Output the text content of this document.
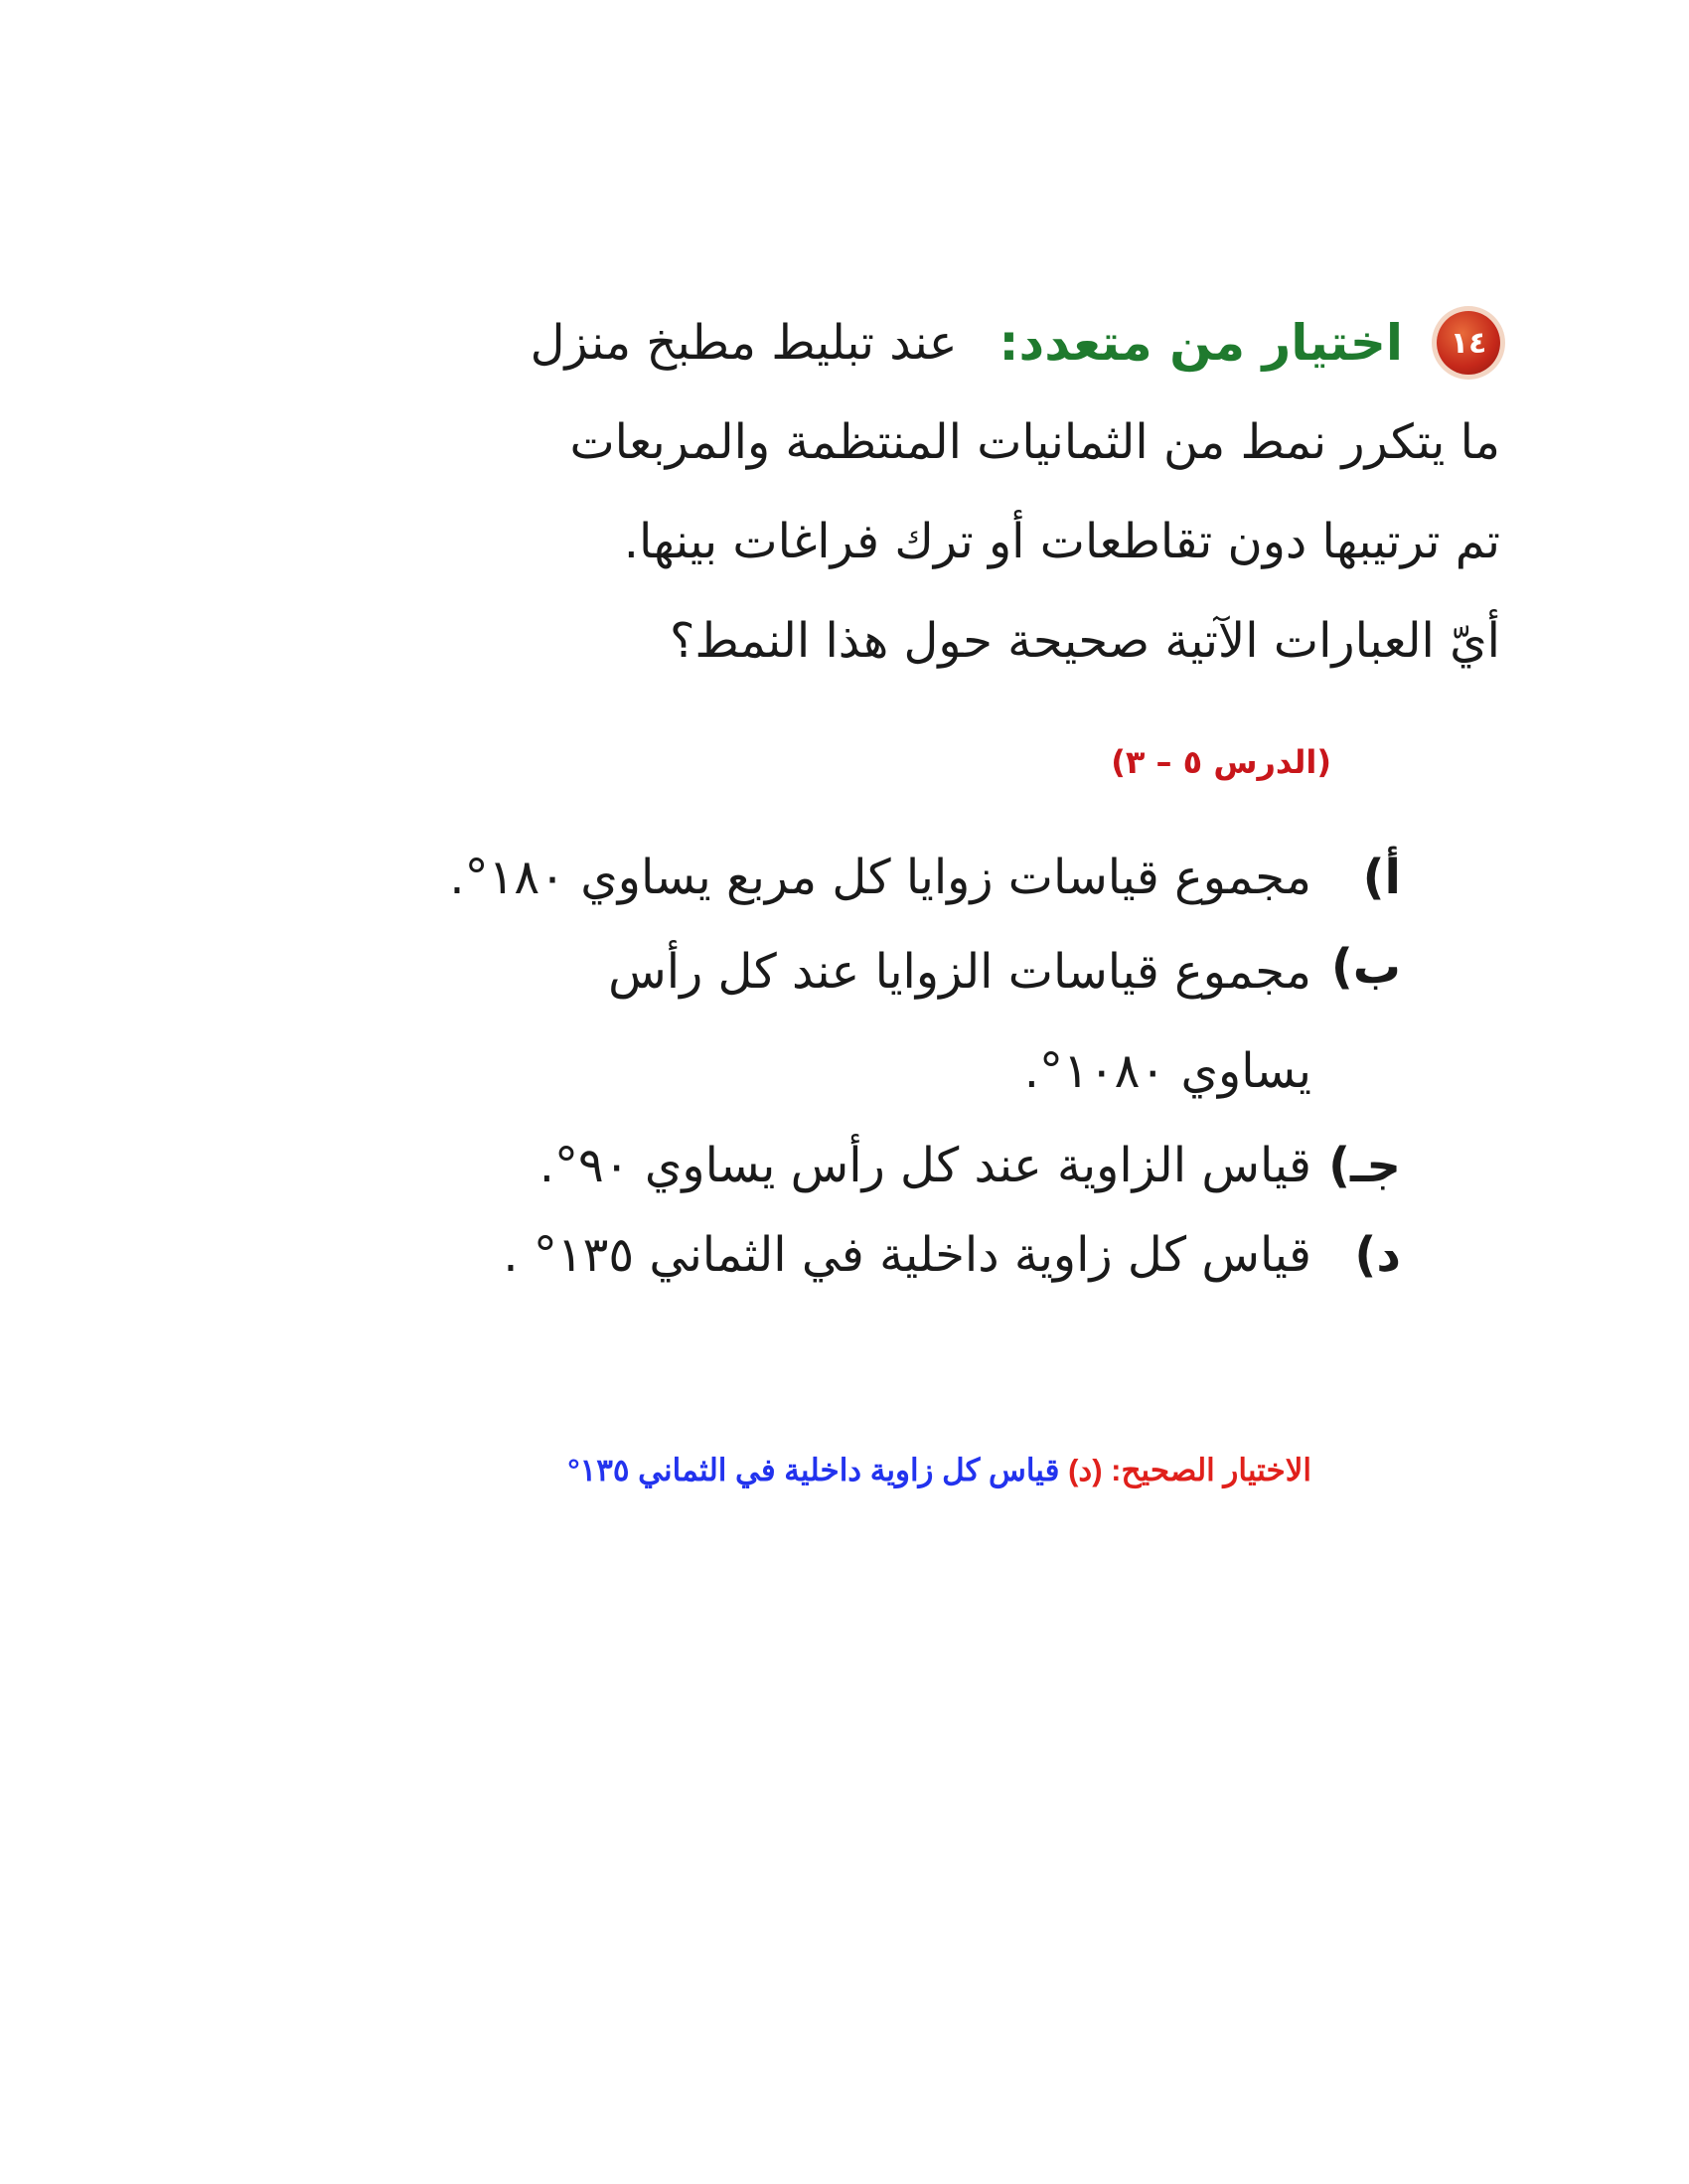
١٤
اختيار من متعدد:
عند تبليط مطبخ منزل
ما يتكرر نمط من الثمانيات المنتظمة والمربعات
تم ترتيبها دون تقاطعات أو ترك فراغات بينها.
أيّ العبارات الآتية صحيحة حول هذا النمط؟
(الدرس ٥ – ٣)
أ)
مجموع قياسات زوايا كل مربع يساوي ١٨٠°.
ب)
مجموع قياسات الزوايا عند كل رأس
يساوي ١٠٨٠°.
جـ)
قياس الزاوية عند كل رأس يساوي ٩٠°.
د)
قياس كل زاوية داخلية في الثماني ١٣٥° .
الاختيار الصحيح: (د) قياس كل زاوية داخلية في الثماني ١٣٥°
